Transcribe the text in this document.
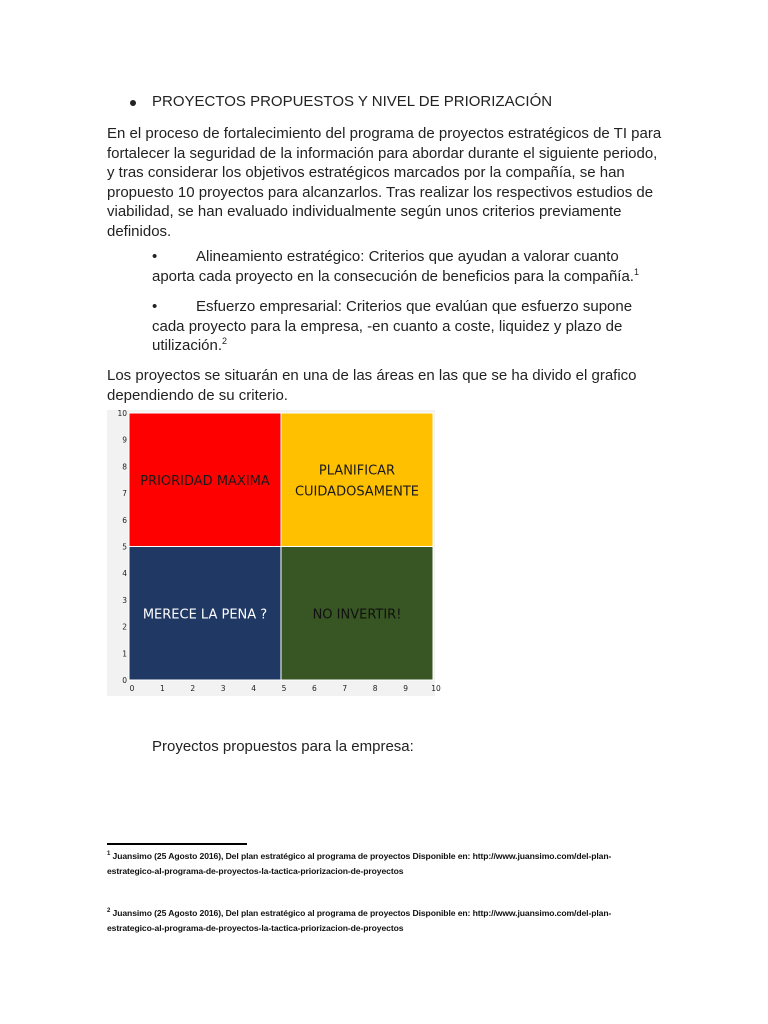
PROYECTOS PROPUESTOS Y NIVEL DE PRIORIZACIÓN

En el proceso de fortalecimiento del programa de proyectos estratégicos de TI para fortalecer la seguridad de la información para abordar durante el siguiente periodo, y tras considerar los objetivos estratégicos marcados por la compañía, se han propuesto 10 proyectos para alcanzarlos. Tras realizar los respectivos estudios de viabilidad, se han evaluado individualmente según unos criterios previamente definidos.

•	Alineamiento estratégico: Criterios que ayudan a valorar cuanto aporta cada proyecto en la consecución de beneficios para la compañía.$^1$

•	Esfuerzo empresarial: Criterios que evalúan que esfuerzo supone cada proyecto para la empresa, -en cuanto a coste, liquidez y plazo de utilización.$^2$

Los proyectos se situarán en una de las áreas en las que se ha divido el grafico dependiendo de su criterio.

PRIORIDAD MAXIMA
PLANIFICAR
CUIDADOSAMENTE
MERECE LA PENA ?	NO INVERTIR!
0
1
2
3
4
5
6
7
8
9
10
0	1	2	3	4	5	6	7	8	9	10

Proyectos propuestos para la empresa:

$^1$ Juansimo (25 Agosto 2016), Del plan estratégico al programa de proyectos Disponible en: http://www.juansimo.com/del-plan-estrategico-al-programa-de-proyectos-la-tactica-priorizacion-de-proyectos
$^2$ Juansimo (25 Agosto 2016), Del plan estratégico al programa de proyectos Disponible en: http://www.juansimo.com/del-plan-estrategico-al-programa-de-proyectos-la-tactica-priorizacion-de-proyectos
